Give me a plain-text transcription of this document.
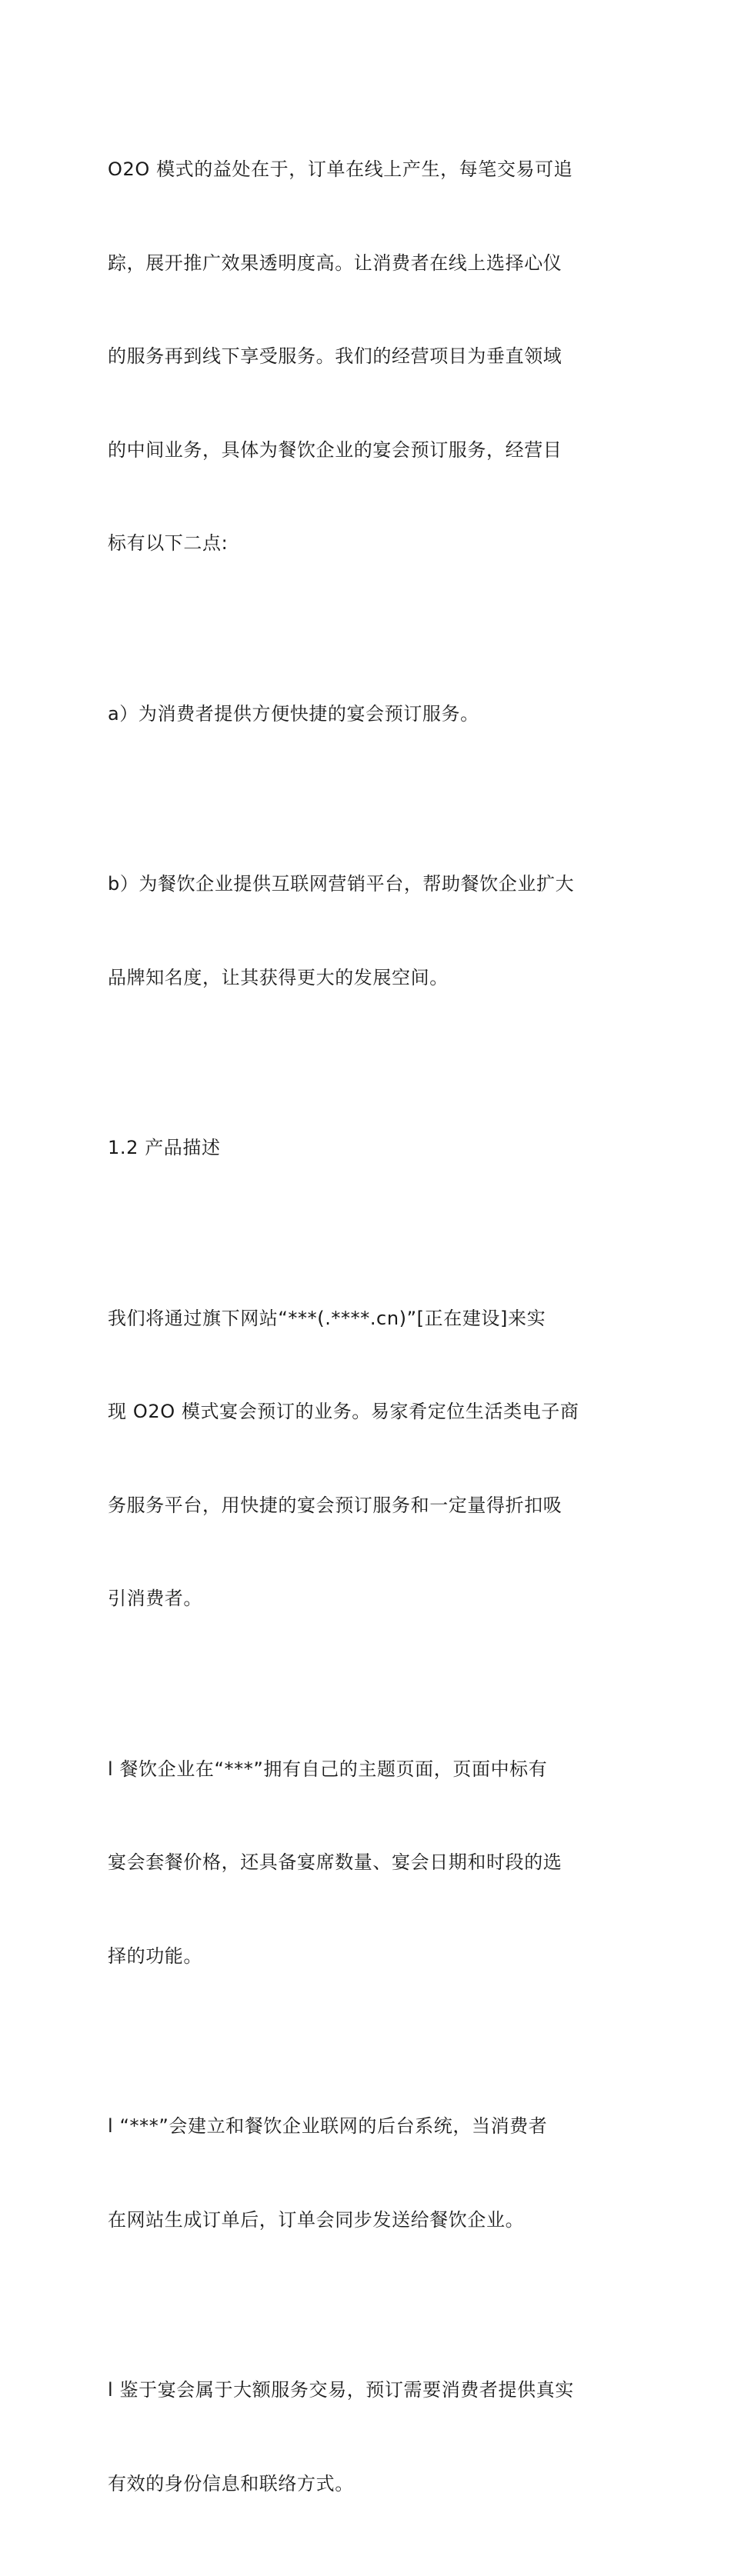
O2O 模式的益处在于，订单在线上产生，每笔交易可追

踪，展开推广效果透明度高。让消费者在线上选择心仪

的服务再到线下享受服务。我们的经营项目为垂直领域

的中间业务，具体为餐饮企业的宴会预订服务，经营目

标有以下二点:

a）为消费者提供方便快捷的宴会预订服务。

b）为餐饮企业提供互联网营销平台，帮助餐饮企业扩大

品牌知名度，让其获得更大的发展空间。

1.2 产品描述

我们将通过旗下网站“***(.****.cn)”[正在建设]来实

现 O2O 模式宴会预订的业务。易家肴定位生活类电子商

务服务平台，用快捷的宴会预订服务和一定量得折扣吸

引消费者。

l 餐饮企业在“***”拥有自己的主题页面，页面中标有

宴会套餐价格，还具备宴席数量、宴会日期和时段的选

择的功能。

l “***”会建立和餐饮企业联网的后台系统，当消费者

在网站生成订单后，订单会同步发送给餐饮企业。

l 鉴于宴会属于大额服务交易，预订需要消费者提供真实

有效的身份信息和联络方式。
